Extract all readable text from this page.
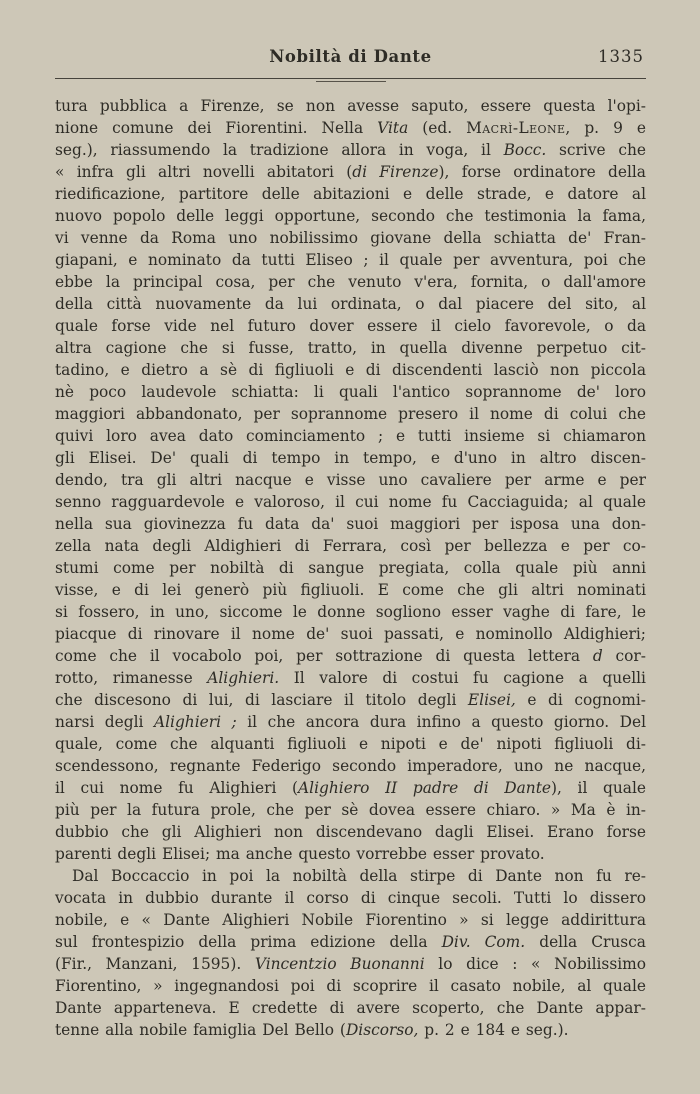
Nobiltà di Dante	1335
tura pubblica a Firenze, se non avesse saputo, essere questa l'opi-
nione comune dei Fiorentini. Nella Vita (ed. Macrì-Leone, p. 9 e
seg.), riassumendo la tradizione allora in voga, il Bocc. scrive che
« infra gli altri novelli abitatori (di Firenze), forse ordinatore della
riedificazione, partitore delle abitazioni e delle strade, e datore al
nuovo popolo delle leggi opportune, secondo che testimonia la fama,
vi venne da Roma uno nobilissimo giovane della schiatta de' Fran-
giapani, e nominato da tutti Eliseo ; il quale per avventura, poi che
ebbe la principal cosa, per che venuto v'era, fornita, o dall'amore
della città nuovamente da lui ordinata, o dal piacere del sito, al
quale forse vide nel futuro dover essere il cielo favorevole, o da
altra cagione che si fusse, tratto, in quella divenne perpetuo cit-
tadino, e dietro a sè di figliuoli e di discendenti lasciò non piccola
nè poco laudevole schiatta: li quali l'antico soprannome de' loro
maggiori abbandonato, per soprannome presero il nome di colui che
quivi loro avea dato cominciamento ; e tutti insieme si chiamaron
gli Elisei. De' quali di tempo in tempo, e d'uno in altro discen-
dendo, tra gli altri nacque e visse uno cavaliere per arme e per
senno ragguardevole e valoroso, il cui nome fu Cacciaguida; al quale
nella sua giovinezza fu data da' suoi maggiori per isposa una don-
zella nata degli Aldighieri di Ferrara, così per bellezza e per co-
stumi come per nobiltà di sangue pregiata, colla quale più anni
visse, e di lei generò più figliuoli. E come che gli altri nominati
si fossero, in uno, siccome le donne sogliono esser vaghe di fare, le
piacque di rinovare il nome de' suoi passati, e nominollo Aldighieri;
come che il vocabolo poi, per sottrazione di questa lettera d cor-
rotto, rimanesse Alighieri. Il valore di costui fu cagione a quelli
che discesono di lui, di lasciare il titolo degli Elisei, e di cognomi-
narsi degli Alighieri ; il che ancora dura infino a questo giorno. Del
quale, come che alquanti figliuoli e nipoti e de' nipoti figliuoli di-
scendessono, regnante Federigo secondo imperadore, uno ne nacque,
il cui nome fu Alighieri (Alighiero II padre di Dante), il quale
più per la futura prole, che per sè dovea essere chiaro. » Ma è in-
dubbio che gli Alighieri non discendevano dagli Elisei. Erano forse
parenti degli Elisei; ma anche questo vorrebbe esser provato.
Dal Boccaccio in poi la nobiltà della stirpe di Dante non fu re-
vocata in dubbio durante il corso di cinque secoli. Tutti lo dissero
nobile, e « Dante Alighieri Nobile Fiorentino » si legge addirittura
sul frontespizio della prima edizione della Div. Com. della Crusca
(Fir., Manzani, 1595). Vincentzio Buonanni lo dice : « Nobilissimo
Fiorentino, » ingegnandosi poi di scoprire il casato nobile, al quale
Dante apparteneva. E credette di avere scoperto, che Dante appar-
tenne alla nobile famiglia Del Bello (Discorso, p. 2 e 184 e seg.).
